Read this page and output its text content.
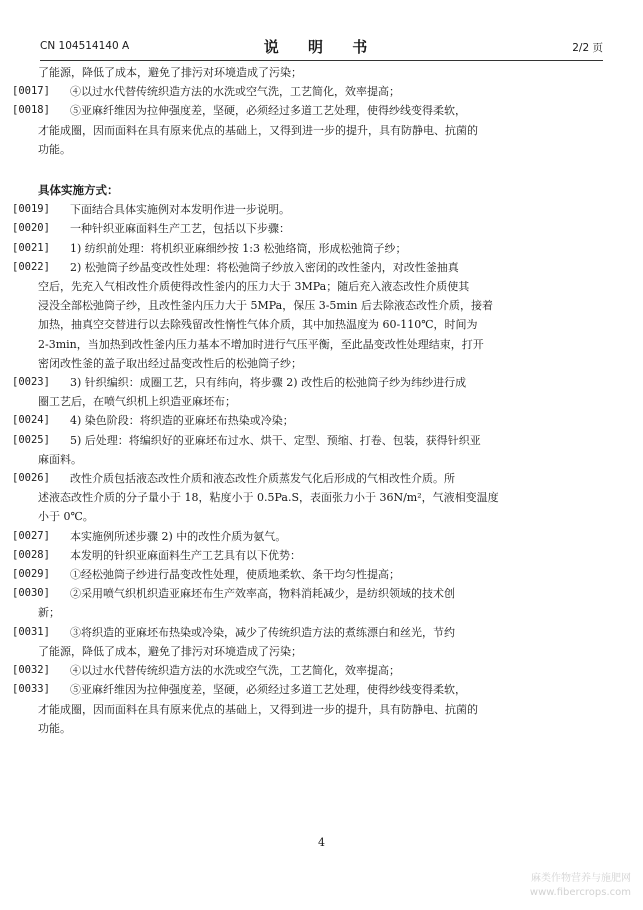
CN 104514140 A	说 明 书	2/2 页
了能源，降低了成本，避免了排污对环境造成了污染；
[0017] ④以过水代替传统织造方法的水洗或空气洗，工艺简化，效率提高；
[0018] ⑤亚麻纤维因为拉伸强度差，坚硬，必须经过多道工艺处理，使得纱线变得柔软，
才能成圈，因而面料在具有原来优点的基础上，又得到进一步的提升，具有防静电、抗菌的
功能。
具体实施方式：
[0019] 下面结合具体实施例对本发明作进一步说明。
[0020] 一种针织亚麻面料生产工艺，包括以下步骤：
[0021] 1) 纺织前处理：将机织亚麻细纱按 1:3 松弛络筒，形成松弛筒子纱；
[0022] 2) 松弛筒子纱晶变改性处理：将松弛筒子纱放入密闭的改性釜内，对改性釜抽真
空后，先充入气相改性介质使得改性釜内的压力大于 3MPa；随后充入液态改性介质使其
浸没全部松弛筒子纱，且改性釜内压力大于 5MPa，保压 3-5min 后去除液态改性介质，接着
加热，抽真空交替进行以去除残留改性惰性气体介质，其中加热温度为 60-110℃，时间为
2-3min，当加热到改性釜内压力基本不增加时进行气压平衡，至此晶变改性处理结束，打开
密闭改性釜的盖子取出经过晶变改性后的松弛筒子纱；
[0023] 3) 针织编织：成圈工艺，只有纬向，将步骤 2) 改性后的松弛筒子纱为纬纱进行成
圈工艺后，在喷气织机上织造亚麻坯布；
[0024] 4) 染色阶段：将织造的亚麻坯布热染或冷染；
[0025] 5) 后处理：将编织好的亚麻坯布过水、烘干、定型、预缩、打卷、包装，获得针织亚
麻面料。
[0026] 改性介质包括液态改性介质和液态改性介质蒸发气化后形成的气相改性介质。所
述液态改性介质的分子量小于 18，粘度小于 0.5Pa.S，表面张力小于 36N/m²，气液相变温度
小于 0℃。
[0027] 本实施例所述步骤 2) 中的改性介质为氨气。
[0028] 本发明的针织亚麻面料生产工艺具有以下优势：
[0029] ①经松弛筒子纱进行晶变改性处理，使质地柔软、条干均匀性提高；
[0030] ②采用喷气织机织造亚麻坯布生产效率高，物料消耗减少，是纺织领域的技术创
新；
[0031] ③将织造的亚麻坯布热染或冷染，减少了传统织造方法的煮练漂白和丝光，节约
了能源，降低了成本，避免了排污对环境造成了污染；
[0032] ④以过水代替传统织造方法的水洗或空气洗，工艺简化，效率提高；
[0033] ⑤亚麻纤维因为拉伸强度差，坚硬，必须经过多道工艺处理，使得纱线变得柔软，
才能成圈，因而面料在具有原来优点的基础上，又得到进一步的提升，具有防静电、抗菌的
功能。
4
麻类作物营养与施肥网
www.fibercrops.com
